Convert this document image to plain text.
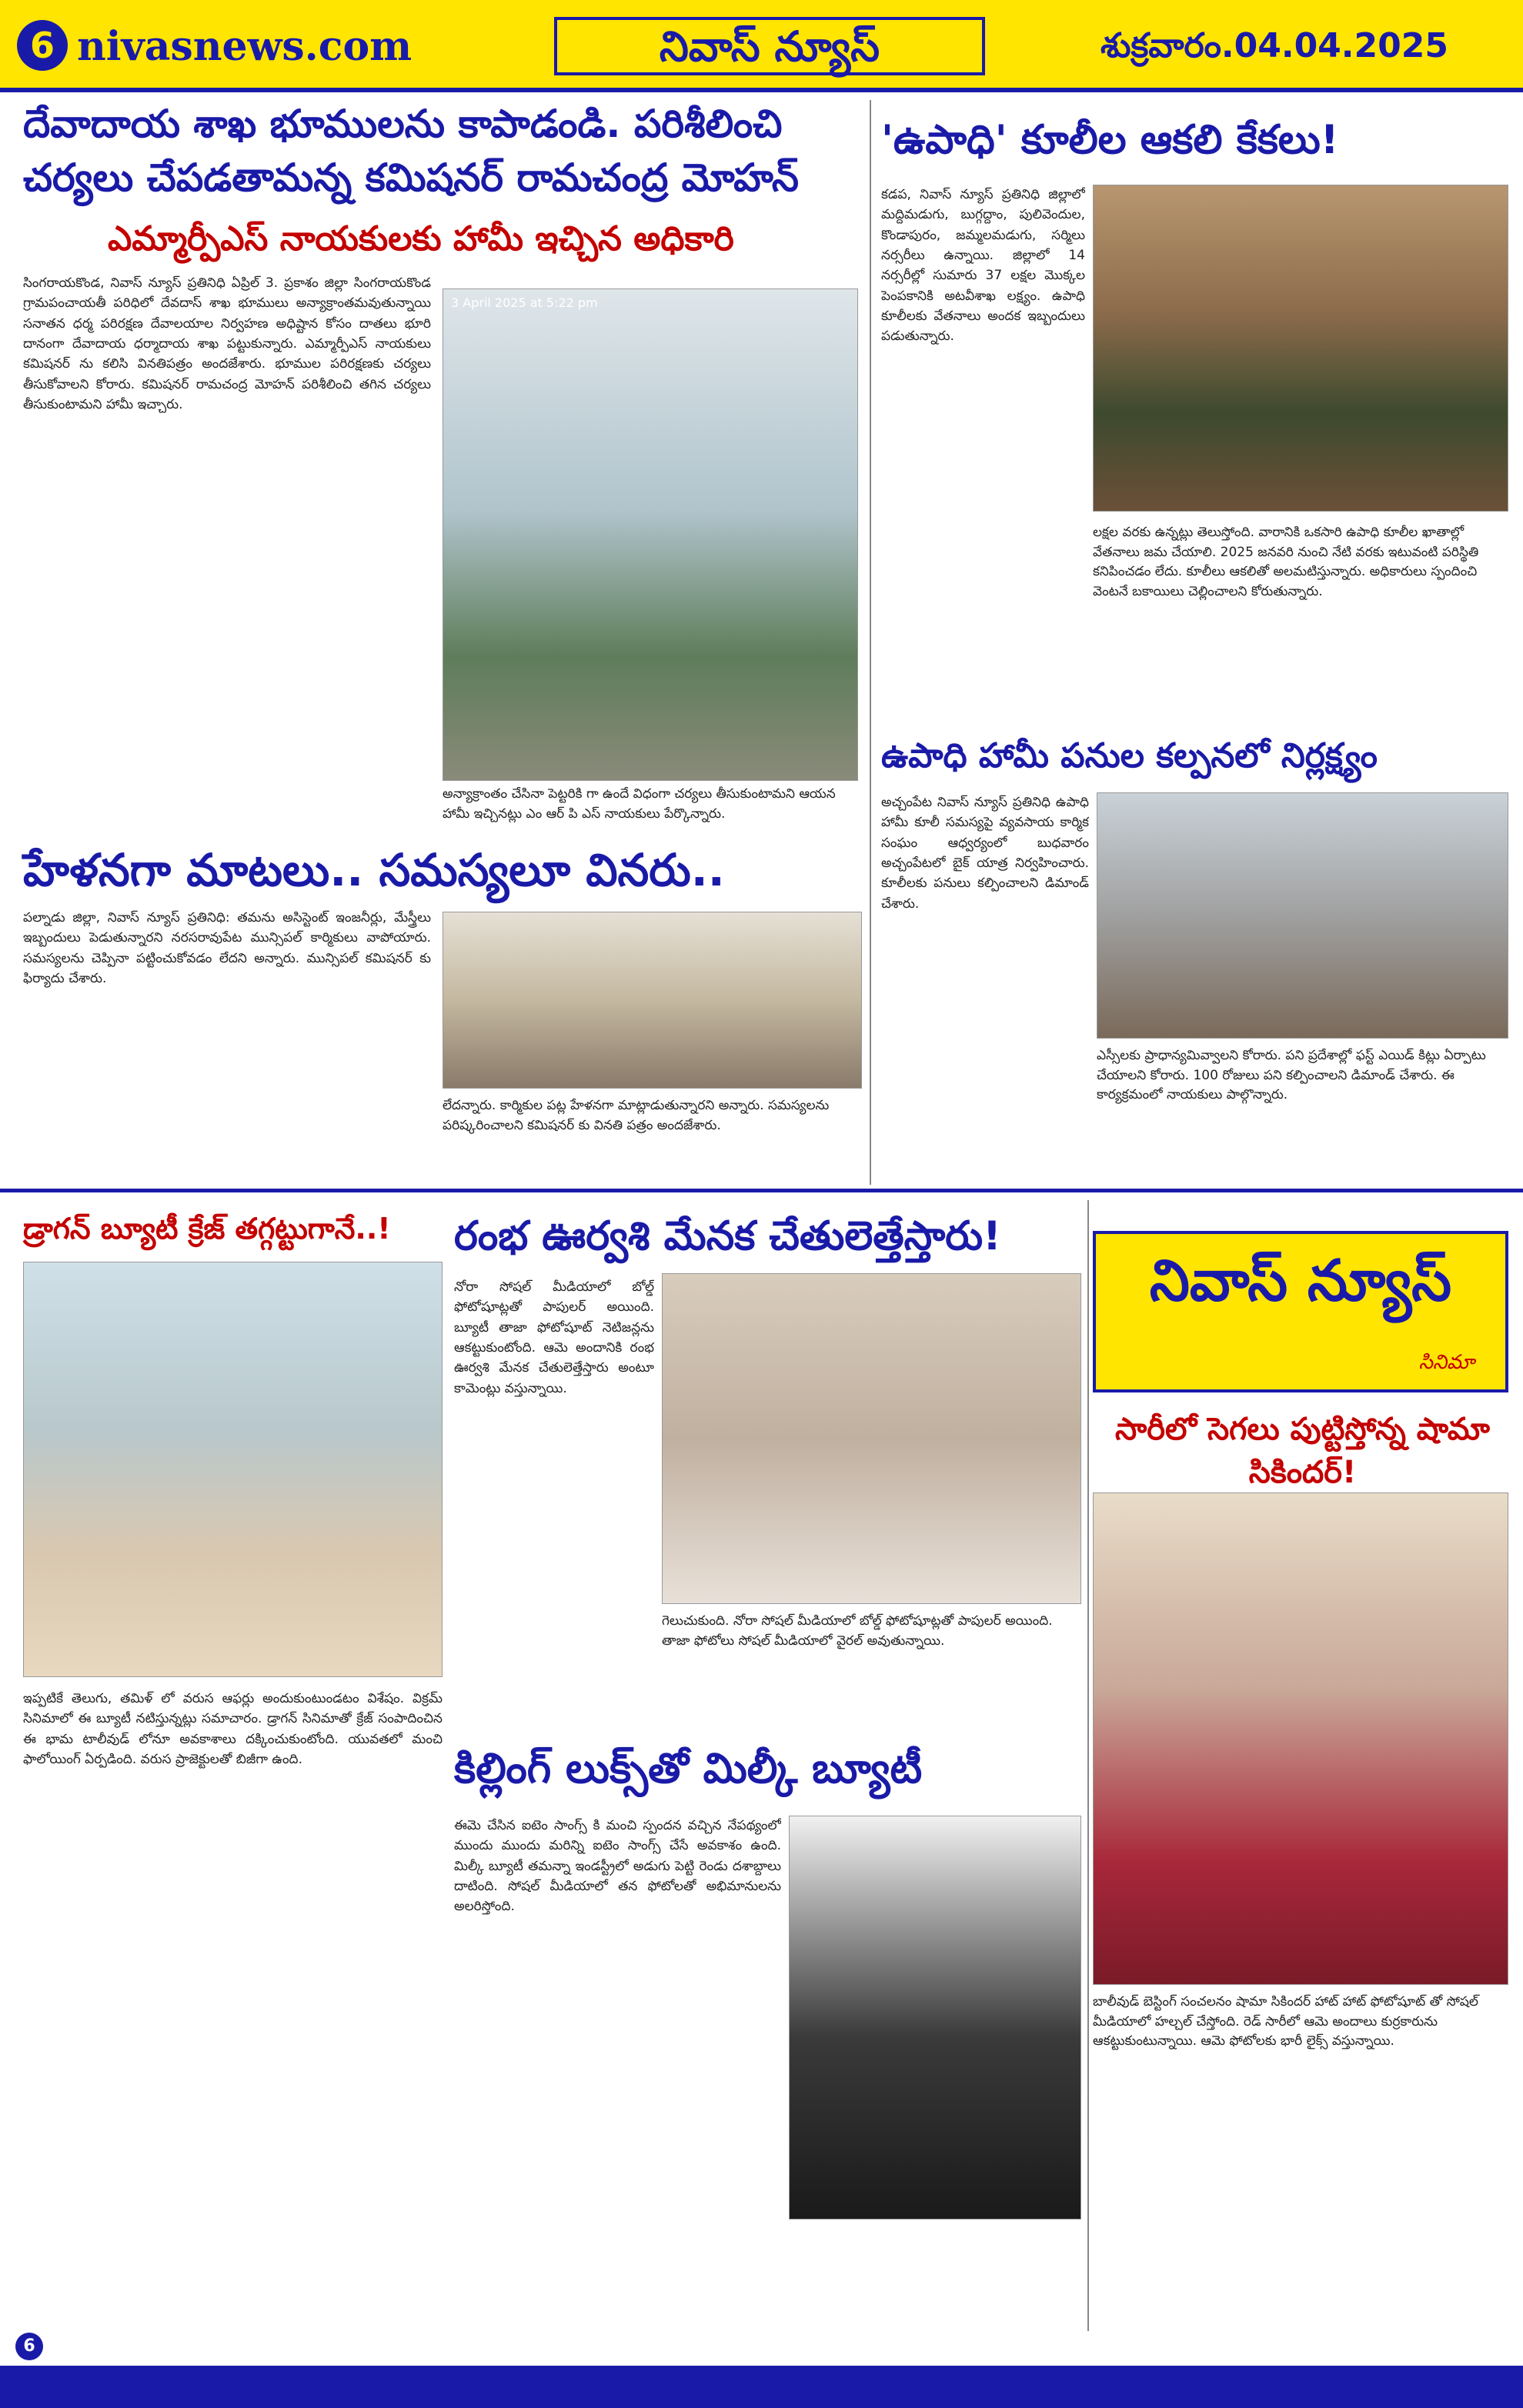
6 nivasnews.com	నివాస్ న్యూస్	శుక్రవారం.04.04.2025
దేవాదాయ శాఖ భూములను కాపాడండి. పరిశీలించి
చర్యలు చేపడతామన్న కమిషనర్ రామచంద్ర మోహన్
ఎమ్మార్పీఎస్ నాయకులకు హామీ ఇచ్చిన అధికారి
సింగరాయకొండ, నివాస్ న్యూస్ ప్రతినిధి ఏప్రిల్ 3. ప్రకాశం జిల్లా సింగరాయకొండ గ్రామపంచాయతీ పరిధిలో దేవదాస్ శాఖ భూములు అన్యాక్రాంతమవుతున్నాయి సనాతన ధర్మ పరిరక్షణ దేవాలయాల నిర్వహణ అధిష్టాన కోసం దాతలు భూరి దానంగా దేవాదాయ ధర్మాదాయ శాఖ పట్టుకున్నారు. ఎమ్మార్పీఎస్ నాయకులు కమిషనర్ ను కలిసి వినతిపత్రం అందజేశారు. భూముల పరిరక్షణకు చర్యలు తీసుకోవాలని కోరారు. కమిషనర్ రామచంద్ర మోహన్ పరిశీలించి తగిన చర్యలు తీసుకుంటామని హామీ ఇచ్చారు.
3 April 2025 at 5:22 pm
అన్యాక్రాంతం చేసినా పెట్టరికి గా ఉందే విధంగా చర్యలు తీసుకుంటామని ఆయన హామీ ఇచ్చినట్లు ఎం ఆర్ పి ఎస్ నాయకులు పేర్కొన్నారు.
'ఉపాధి' కూలీల ఆకలి కేకలు!
కడప, నివాస్ న్యూస్ ప్రతినిధి జిల్లాలో మద్దిమడుగు, బుగ్గద్దాం, పులివెందుల, కొండాపురం, జమ్మలమడుగు, సర్మిలు నర్సరీలు ఉన్నాయి. జిల్లాలో 14 నర్సరీల్లో సుమారు 37 లక్షల మొక్కల పెంపకానికి అటవీశాఖ లక్ష్యం. ఉపాధి కూలీలకు వేతనాలు అందక ఇబ్బందులు పడుతున్నారు.
లక్షల వరకు ఉన్నట్లు తెలుస్తోంది. వారానికి ఒకసారి ఉపాధి కూలీల ఖాతాల్లో వేతనాలు జమ చేయాలి. 2025 జనవరి నుంచి నేటి వరకు ఇటువంటి పరిస్థితి కనిపించడం లేదు. కూలీలు ఆకలితో అలమటిస్తున్నారు. అధికారులు స్పందించి వెంటనే బకాయిలు చెల్లించాలని కోరుతున్నారు.
ఉపాధి హామీ పనుల కల్పనలో నిర్లక్ష్యం
అచ్చంపేట నివాస్ న్యూస్ ప్రతినిధి ఉపాధి హామీ కూలీ సమస్యపై వ్యవసాయ కార్మిక సంఘం ఆధ్వర్యంలో బుధవారం అచ్చంపేటలో బైక్ యాత్ర నిర్వహించారు. కూలీలకు పనులు కల్పించాలని డిమాండ్ చేశారు.
ఎస్సీలకు ప్రాధాన్యమివ్వాలని కోరారు. పని ప్రదేశాల్లో ఫస్ట్ ఎయిడ్ కిట్లు ఏర్పాటు చేయాలని కోరారు. 100 రోజులు పని కల్పించాలని డిమాండ్ చేశారు. ఈ కార్యక్రమంలో నాయకులు పాల్గొన్నారు.
హేళనగా మాటలు.. సమస్యలూ వినరు..
పల్నాడు జిల్లా, నివాస్ న్యూస్ ప్రతినిధి: తమను అసిస్టెంట్ ఇంజనీర్లు, మేస్త్రీలు ఇబ్బందులు పెడుతున్నారని నరసరావుపేట మున్సిపల్ కార్మికులు వాపోయారు. సమస్యలను చెప్పినా పట్టించుకోవడం లేదని అన్నారు. మున్సిపల్ కమిషనర్ కు ఫిర్యాదు చేశారు.
లేదన్నారు. కార్మికుల పట్ల హేళనగా మాట్లాడుతున్నారని అన్నారు. సమస్యలను పరిష్కరించాలని కమిషనర్ కు వినతి పత్రం అందజేశారు.
డ్రాగన్ బ్యూటీ క్రేజ్ తగ్గట్టుగానే..!
ఇప్పటికే తెలుగు, తమిళ్ లో వరుస ఆఫర్లు అందుకుంటుండటం విశేషం. విక్రమ్ సినిమాలో ఈ బ్యూటీ నటిస్తున్నట్లు సమాచారం. డ్రాగన్ సినిమాతో క్రేజ్ సంపాదించిన ఈ భామ టాలీవుడ్ లోనూ అవకాశాలు దక్కించుకుంటోంది. యువతలో మంచి ఫాలోయింగ్ ఏర్పడింది. వరుస ప్రాజెక్టులతో బిజీగా ఉంది.
రంభ ఊర్వశి మేనక చేతులెత్తేస్తారు!
నోరా సోషల్ మీడియాలో బోల్డ్ ఫోటోషూట్లతో పాపులర్ అయింది. బ్యూటీ తాజా ఫోటోషూట్ నెటిజన్లను ఆకట్టుకుంటోంది. ఆమె అందానికి రంభ ఊర్వశి మేనక చేతులెత్తేస్తారు అంటూ కామెంట్లు వస్తున్నాయి.
గెలుచుకుంది. నోరా సోషల్ మీడియాలో బోల్డ్ ఫోటోషూట్లతో పాపులర్ అయింది. తాజా ఫోటోలు సోషల్ మీడియాలో వైరల్ అవుతున్నాయి.
కిల్లింగ్ లుక్స్‌తో మిల్కీ బ్యూటీ
ఈమె చేసిన ఐటెం సాంగ్స్ కి మంచి స్పందన వచ్చిన నేపథ్యంలో ముందు ముందు మరిన్ని ఐటెం సాంగ్స్ చేసే అవకాశం ఉంది. మిల్కీ బ్యూటీ తమన్నా ఇండస్ట్రీలో అడుగు పెట్టి రెండు దశాబ్దాలు దాటింది. సోషల్ మీడియాలో తన ఫోటోలతో అభిమానులను అలరిస్తోంది.
నివాస్ న్యూస్
సినిమా
సారీలో సెగలు పుట్టిస్తోన్న షామా సికిందర్!
బాలీవుడ్ బెస్టింగ్ సంచలనం షామా సికిందర్ హాట్ హాట్ ఫోటోషూట్ తో సోషల్ మీడియాలో హల్చల్ చేస్తోంది. రెడ్ సారీలో ఆమె అందాలు కుర్రకారును ఆకట్టుకుంటున్నాయి. ఆమె ఫోటోలకు భారీ లైక్స్ వస్తున్నాయి.
6
